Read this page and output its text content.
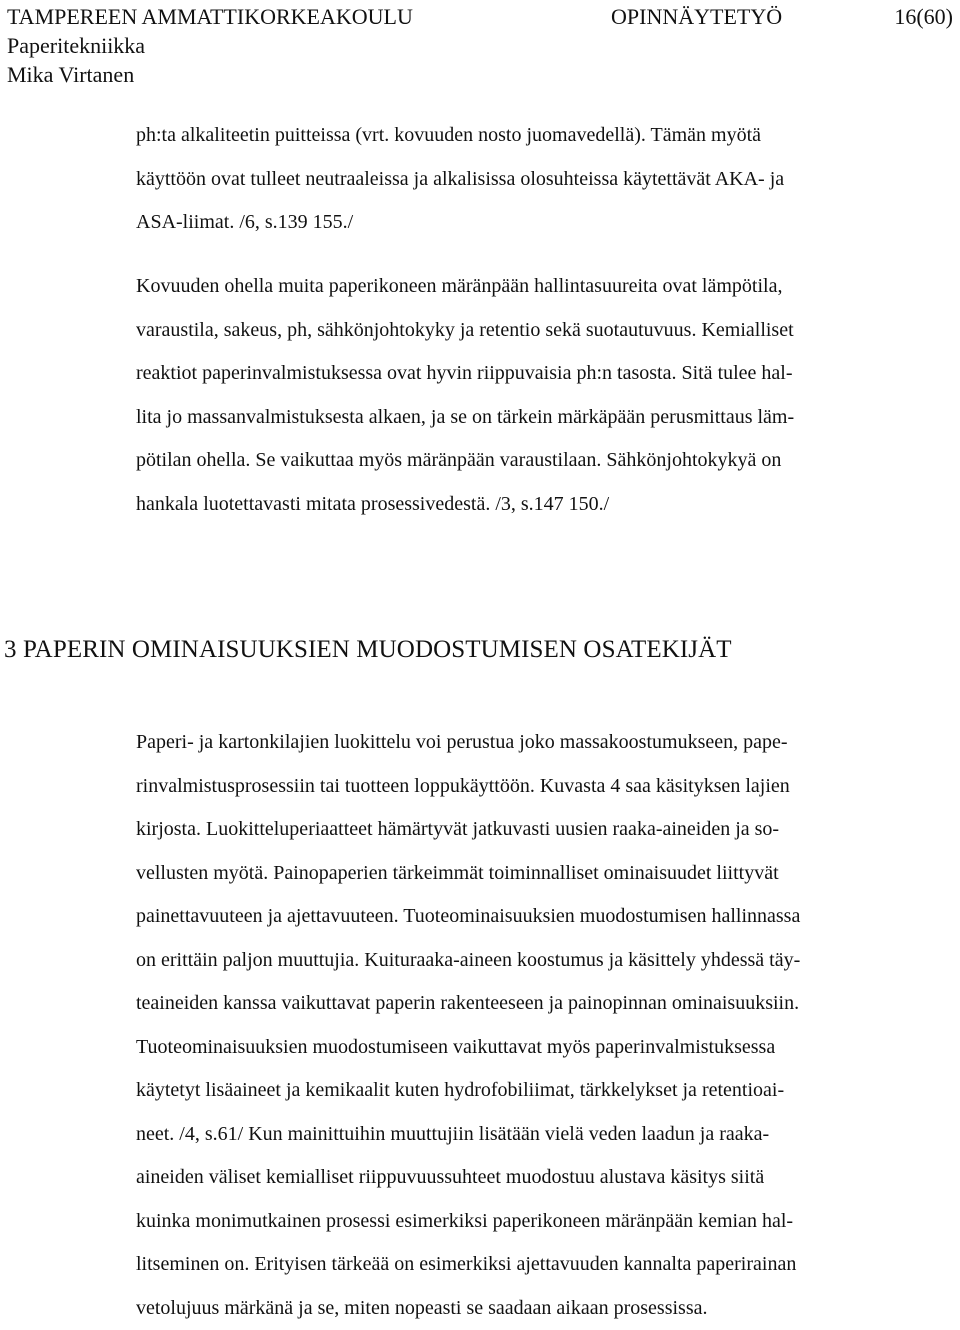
TAMPEREEN AMMATTIKORKEAKOULU	OPINNÄYTETYÖ	16(60)
Paperitekniikka
Mika Virtanen
ph:ta alkaliteetin puitteissa (vrt. kovuuden nosto juomavedellä). Tämän myötä
käyttöön ovat tulleet neutraaleissa ja alkalisissa olosuhteissa käytettävät AKA- ja
ASA-liimat. /6, s.139 155./
Kovuuden ohella muita paperikoneen märänpään hallintasuureita ovat lämpötila,
varaustila, sakeus, ph, sähkönjohtokyky ja retentio sekä suotautuvuus. Kemialliset
reaktiot paperinvalmistuksessa ovat hyvin riippuvaisia ph:n tasosta. Sitä tulee hal-
lita jo massanvalmistuksesta alkaen, ja se on tärkein märkäpään perusmittaus läm-
pötilan ohella. Se vaikuttaa myös märänpään varaustilaan. Sähkönjohtokykyä on
hankala luotettavasti mitata prosessivedestä. /3, s.147 150./
3 PAPERIN OMINAISUUKSIEN MUODOSTUMISEN OSATEKIJÄT
Paperi- ja kartonkilajien luokittelu voi perustua joko massakoostumukseen, pape-
rinvalmistusprosessiin tai tuotteen loppukäyttöön. Kuvasta 4 saa käsityksen lajien
kirjosta. Luokitteluperiaatteet hämärtyvät jatkuvasti uusien raaka-aineiden ja so-
vellusten myötä. Painopaperien tärkeimmät toiminnalliset ominaisuudet liittyvät
painettavuuteen ja ajettavuuteen. Tuoteominaisuuksien muodostumisen hallinnassa
on erittäin paljon muuttujia. Kuituraaka-aineen koostumus ja käsittely yhdessä täy-
teaineiden kanssa vaikuttavat paperin rakenteeseen ja painopinnan ominaisuuksiin.
Tuoteominaisuuksien muodostumiseen vaikuttavat myös paperinvalmistuksessa
käytetyt lisäaineet ja kemikaalit kuten hydrofobiliimat, tärkkelykset ja retentioai-
neet. /4, s.61/ Kun mainittuihin muuttujiin lisätään vielä veden laadun ja raaka-
aineiden väliset kemialliset riippuvuussuhteet muodostuu alustava käsitys siitä
kuinka monimutkainen prosessi esimerkiksi paperikoneen märänpään kemian hal-
litseminen on. Erityisen tärkeää on esimerkiksi ajettavuuden kannalta paperirainan
vetolujuus märkänä ja se, miten nopeasti se saadaan aikaan prosessissa.
